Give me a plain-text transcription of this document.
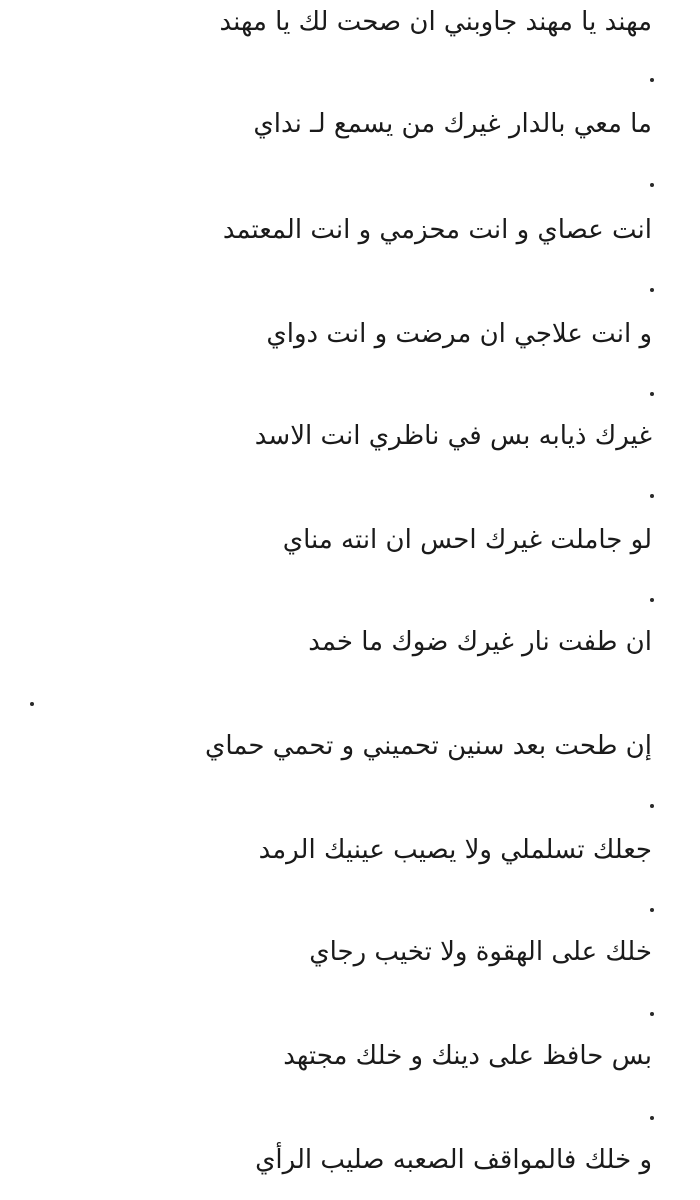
مهند يا مهند جاوبني ان صحت لك يا مهند
ما معي بالدار غيرك من يسمع لـ نداي
انت عصاي و انت محزمي و انت المعتمد
و انت علاجي ان مرضت و انت دواي
غيرك ذيابه بس في ناظري انت الاسد
لو جاملت غيرك احس ان انته مناي
ان طفت نار غيرك ضوك ما خمد
إن طحت بعد سنين تحميني و تحمي حماي
جعلك تسلملي ولا يصيب عينيك الرمد
خلك على الهقوة ولا تخيب رجاي
بس حافظ على دينك و خلك مجتهد
و خلك فالمواقف الصعبه صليب الرأي
